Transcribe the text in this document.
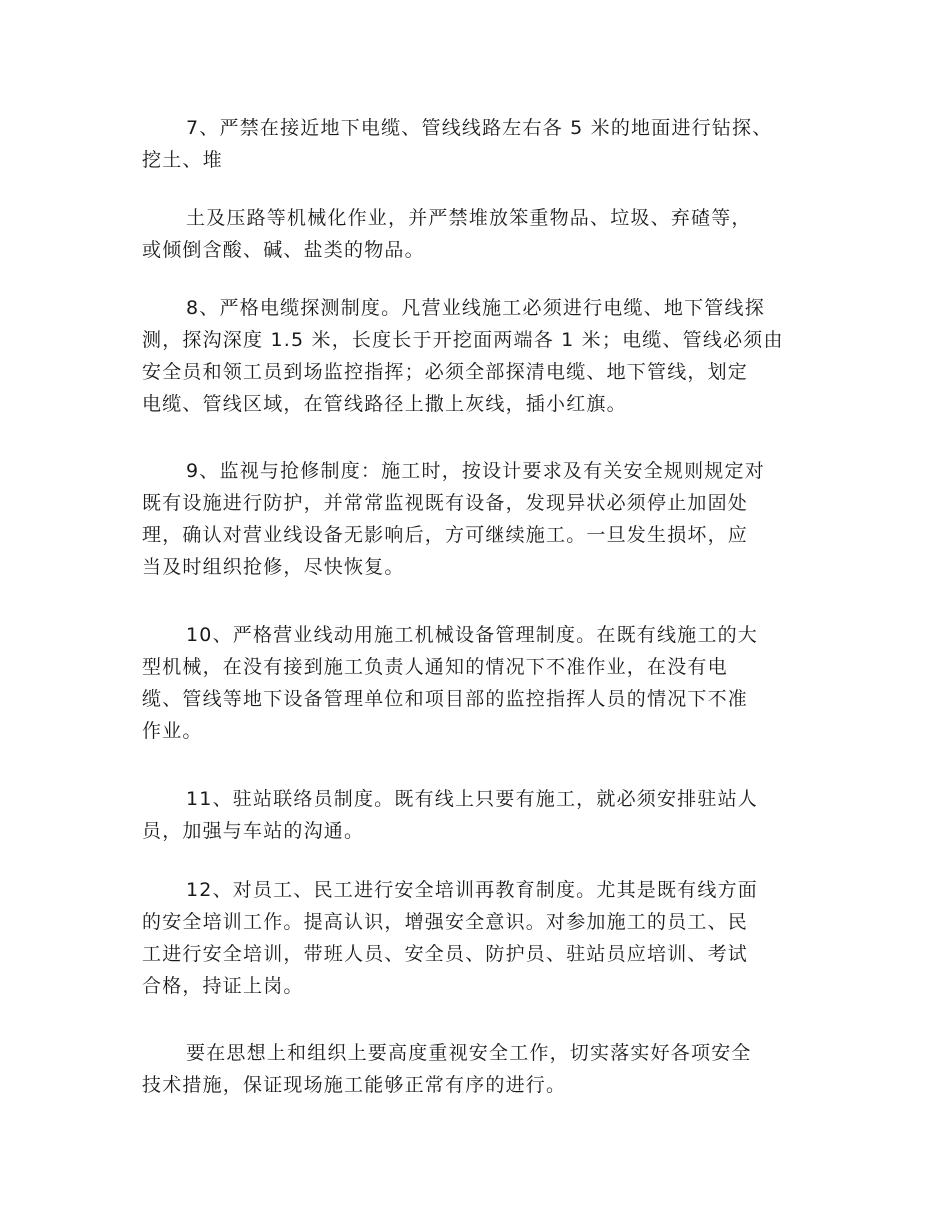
7、严禁在接近地下电缆、管线线路左右各 5 米的地面进行钻探、
挖土、堆

土及压路等机械化作业，并严禁堆放笨重物品、垃圾、弃碴等，
或倾倒含酸、碱、盐类的物品。

8、严格电缆探测制度。凡营业线施工必须进行电缆、地下管线探
测，探沟深度 1.5 米，长度长于开挖面两端各 1 米；电缆、管线必须由
安全员和领工员到场监控指挥；必须全部探清电缆、地下管线，划定
电缆、管线区域，在管线路径上撒上灰线，插小红旗。

9、监视与抢修制度：施工时，按设计要求及有关安全规则规定对
既有设施进行防护，并常常监视既有设备，发现异状必须停止加固处
理，确认对营业线设备无影响后，方可继续施工。一旦发生损坏，应
当及时组织抢修，尽快恢复。

10、严格营业线动用施工机械设备管理制度。在既有线施工的大
型机械，在没有接到施工负责人通知的情况下不准作业，在没有电
缆、管线等地下设备管理单位和项目部的监控指挥人员的情况下不准
作业。

11、驻站联络员制度。既有线上只要有施工，就必须安排驻站人
员，加强与车站的沟通。

12、对员工、民工进行安全培训再教育制度。尤其是既有线方面
的安全培训工作。提高认识，增强安全意识。对参加施工的员工、民
工进行安全培训，带班人员、安全员、防护员、驻站员应培训、考试
合格，持证上岗。

要在思想上和组织上要高度重视安全工作，切实落实好各项安全
技术措施，保证现场施工能够正常有序的进行。
